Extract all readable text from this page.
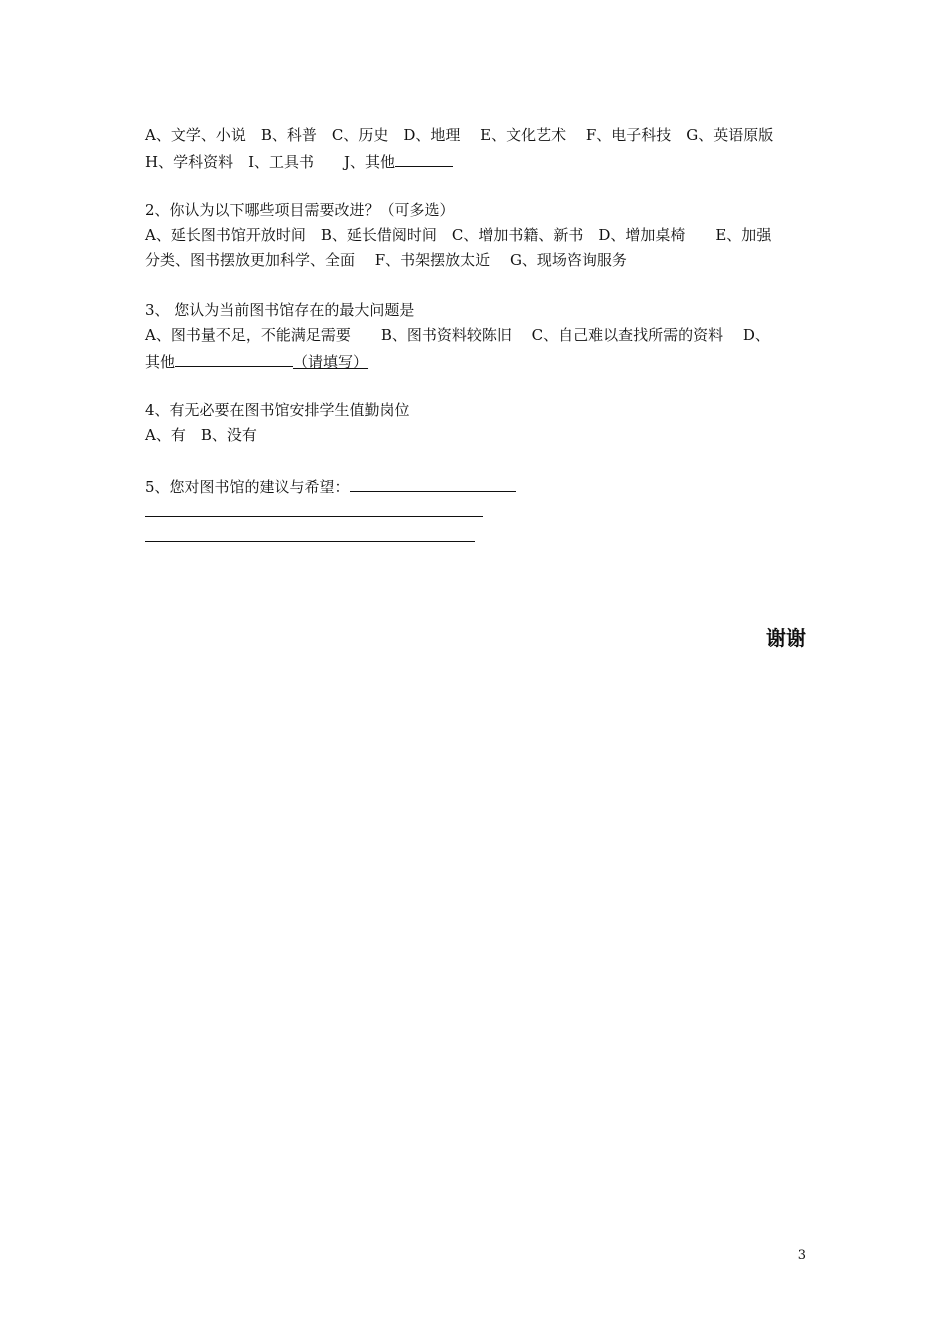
A、文学、小说　B、科普　C、历史　D、地理　 E、文化艺术　 F、电子科技　G、英语原版
H、学科资料　I、工具书　　J、其他
2、你认为以下哪些项目需要改进？（可多选）
A、延长图书馆开放时间　B、延长借阅时间　C、增加书籍、新书　D、增加桌椅　　E、加强
分类、图书摆放更加科学、全面　 F、书架摆放太近　 G、现场咨询服务
3、 您认为当前图书馆存在的最大问题是
A、图书量不足，不能满足需要　　B、图书资料较陈旧　 C、自己难以查找所需的资料　 D、
其他	（请填写）
4、有无必要在图书馆安排学生值勤岗位
A、有　B、没有
5、您对图书馆的建议与希望：
谢谢
3
